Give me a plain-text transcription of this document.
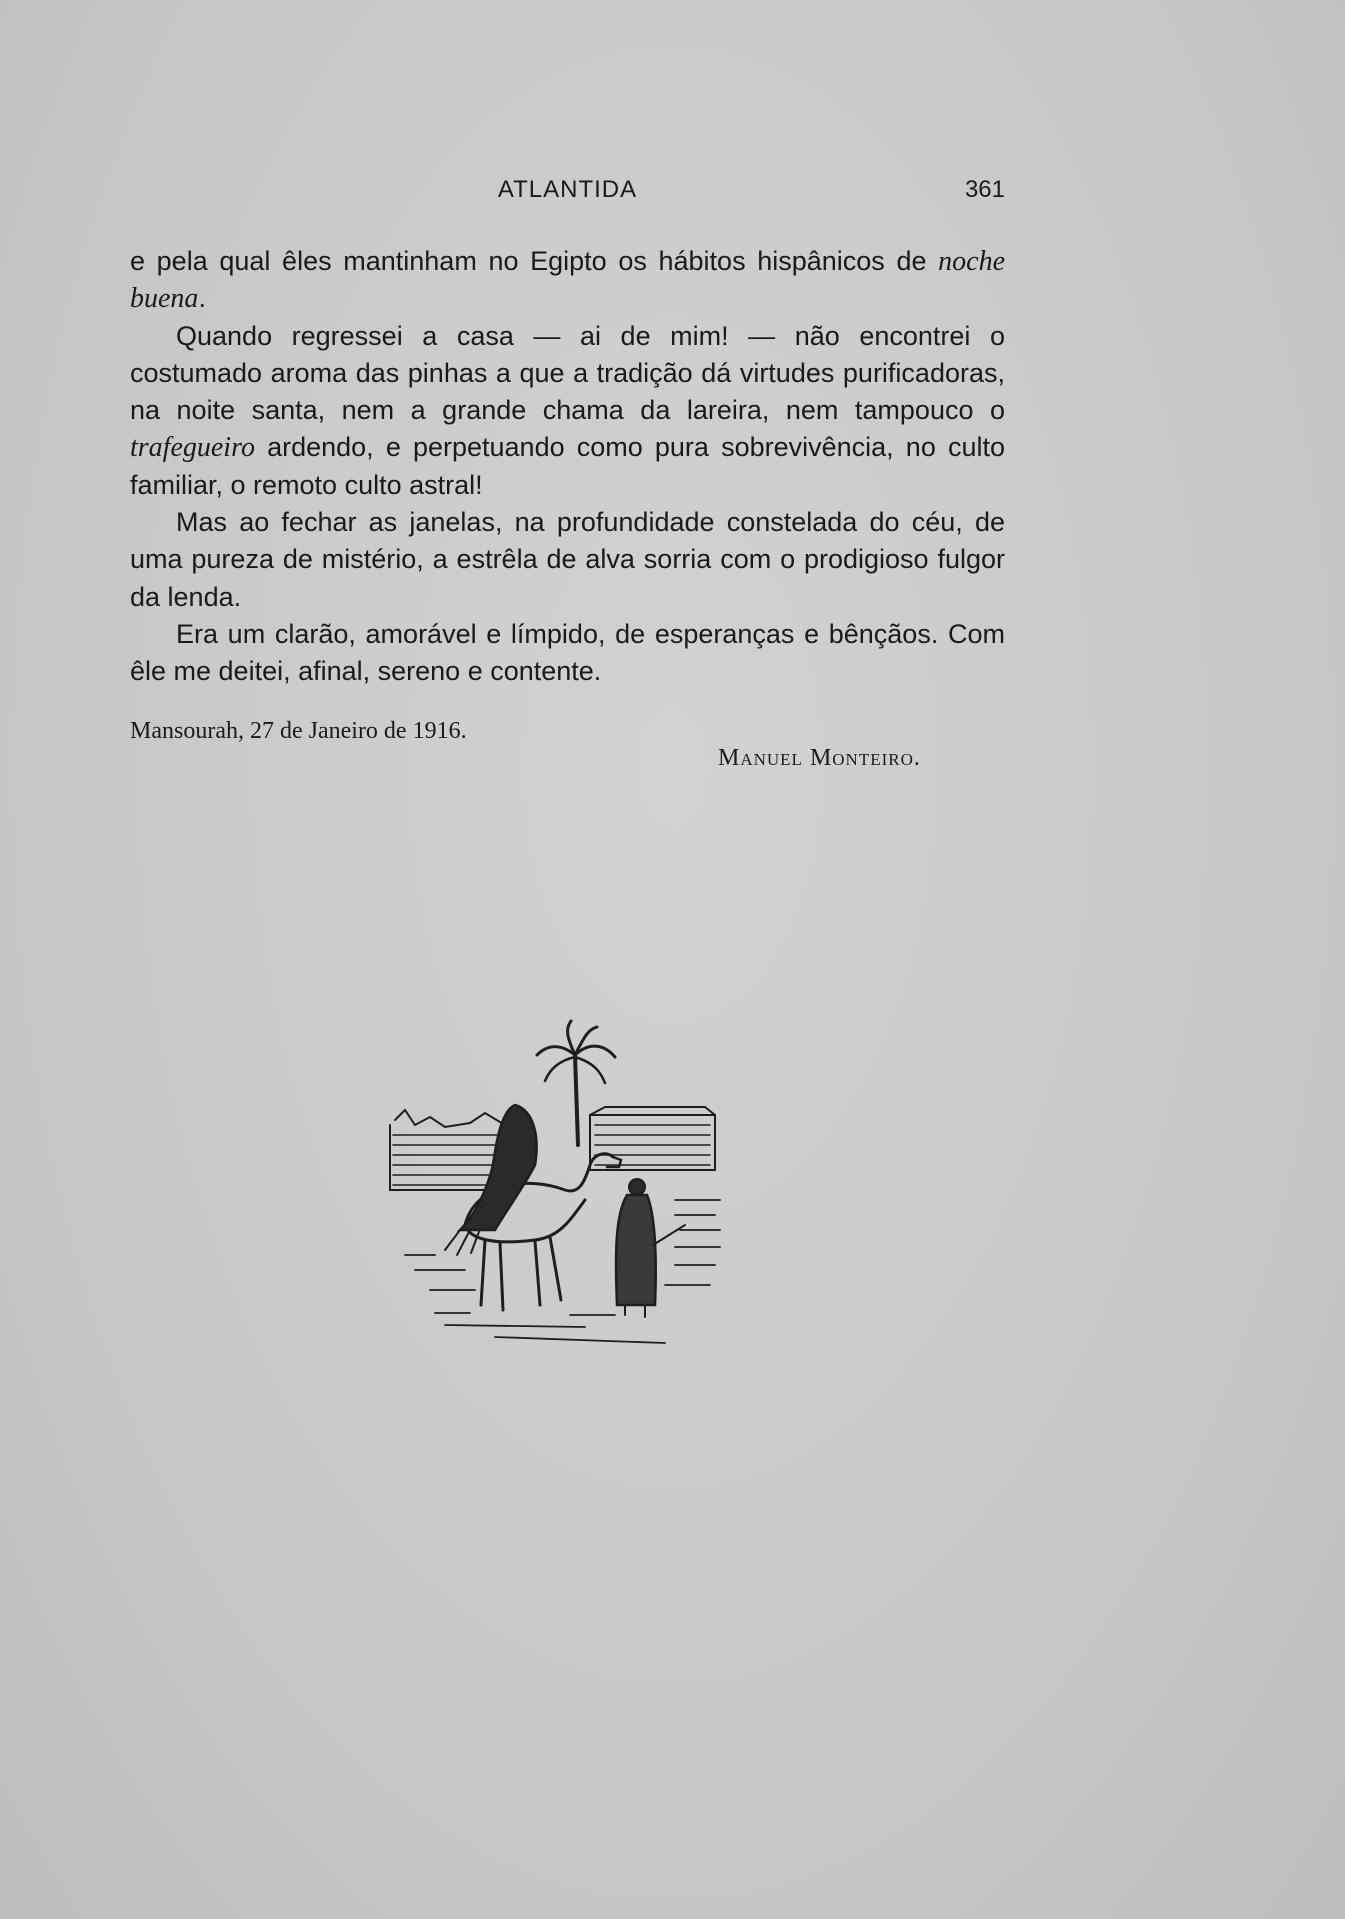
ATLANTIDA	361

e pela qual êles mantinham no Egipto os hábitos hispânicos de noche buena.

Quando regressei a casa — ai de mim! — não encontrei o costumado aroma das pinhas a que a tradição dá virtudes purificadoras, na noite santa, nem a grande chama da lareira, nem tampouco o trafegueiro ardendo, e perpetuando como pura sobrevivência, no culto familiar, o remoto culto astral!

Mas ao fechar as janelas, na profundidade constelada do céu, de uma pureza de mistério, a estrêla de alva sorria com o prodigioso fulgor da lenda.

Era um clarão, amorável e límpido, de esperanças e bênçãos. Com êle me deitei, afinal, sereno e contente.

Mansourah, 27 de Janeiro de 1916.
Manuel Monteiro.
